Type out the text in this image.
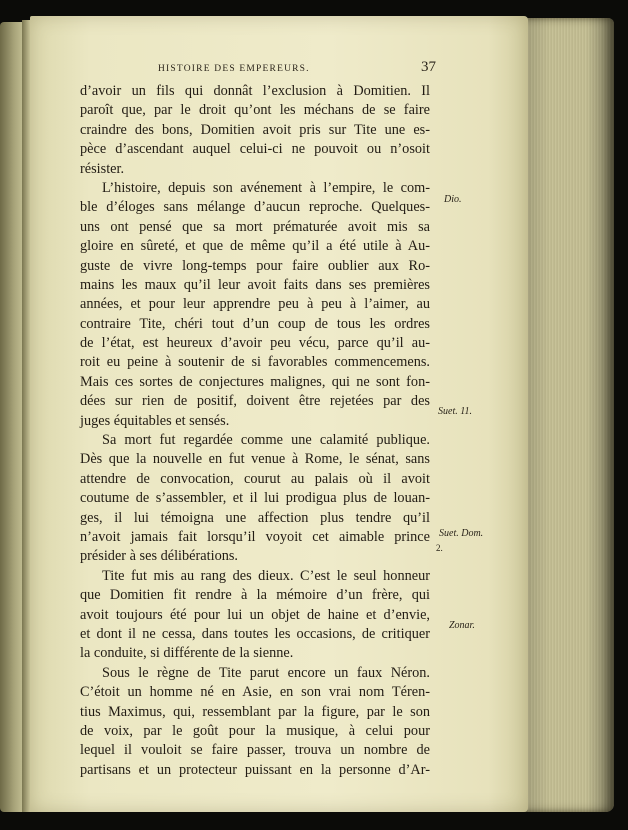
HISTOIRE DES EMPEREURS.	37
d’avoir un fils qui donnât l’exclusion à Domitien. Il
paroît que, par le droit qu’ont les méchans de se faire
craindre des bons, Domitien avoit pris sur Tite une es-
pèce d’ascendant auquel celui-ci ne pouvoit ou n’osoit
résister.
L’histoire, depuis son avénement à l’empire, le com-
ble d’éloges sans mélange d’aucun reproche. Quelques-
uns ont pensé que sa mort prématurée avoit mis sa
gloire en sûreté, et que de même qu’il a été utile à Au-
guste de vivre long-temps pour faire oublier aux Ro-
mains les maux qu’il leur avoit faits dans ses premières
années, et pour leur apprendre peu à peu à l’aimer, au
contraire Tite, chéri tout d’un coup de tous les ordres
de l’état, est heureux d’avoir peu vécu, parce qu’il au-
roit eu peine à soutenir de si favorables commencemens.
Mais ces sortes de conjectures malignes, qui ne sont fon-
dées sur rien de positif, doivent être rejetées par des
juges équitables et sensés.
Sa mort fut regardée comme une calamité publique.
Dès que la nouvelle en fut venue à Rome, le sénat, sans
attendre de convocation, courut au palais où il avoit
coutume de s’assembler, et il lui prodigua plus de louan-
ges, il lui témoigna une affection plus tendre qu’il
n’avoit jamais fait lorsqu’il voyoit cet aimable prince
présider à ses délibérations.
Tite fut mis au rang des dieux. C’est le seul honneur
que Domitien fit rendre à la mémoire d’un frère, qui
avoit toujours été pour lui un objet de haine et d’envie,
et dont il ne cessa, dans toutes les occasions, de critiquer
la conduite, si différente de la sienne.
Sous le règne de Tite parut encore un faux Néron.
C’étoit un homme né en Asie, en son vrai nom Téren-
tius Maximus, qui, ressemblant par la figure, par le son
de voix, par le goût pour la musique, à celui pour
lequel il vouloit se faire passer, trouva un nombre de
partisans et un protecteur puissant en la personne d’Ar-
Dio.
Suet. 11.
Suet. Dom.
2.
Zonar.
